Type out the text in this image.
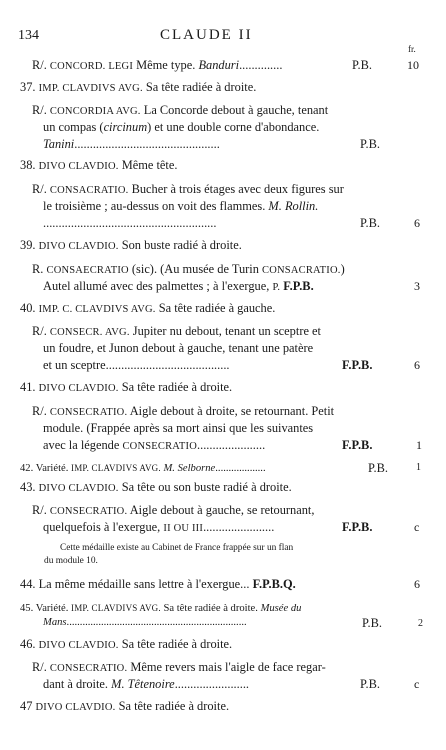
134	CLAUDE II
fr.
R/. CONCORD. LEGI Même type. Banduri..............	P.B.	10
37. IMP. CLAVDIVS AVG. Sa tête radiée à droite.
R/. CONCORDIA AVG. La Concorde debout à gauche, tenant
un compas (circinum) et une double corne d'abondance.
Tanini...............................................	P.B.
38. DIVO CLAVDIO. Même tête.
R/. CONSACRATIO. Bucher à trois étages avec deux figures sur
le troisième ; au-dessus on voit des flammes. M. Rollin.
........................................................	P.B.	6
39. DIVO CLAVDIO. Son buste radié à droite.
R. CONSAECRATIO (sic). (Au musée de Turin CONSACRATIO.)
Autel allumé avec des palmettes ; à l'exergue, P. F.P.B.	3
40. IMP. C. CLAVDIVS AVG. Sa tête radiée à gauche.
R/. CONSECR. AVG. Jupiter nu debout, tenant un sceptre et
un foudre, et Junon debout à gauche, tenant une patère
et un sceptre........................................	F.P.B.	6
41. DIVO CLAVDIO. Sa tête radiée à droite.
R/. CONSECRATIO. Aigle debout à droite, se retournant. Petit
module. (Frappée après sa mort ainsi que les suivantes
avec la légende CONSECRATIO......................	F.P.B.	1
42. Variété. IMP. CLAVDIVS AVG. M. Selborne...................	P.B.	1
43. DIVO CLAVDIO. Sa tête ou son buste radié à droite.
R/. CONSECRATIO. Aigle debout à gauche, se retournant,
quelquefois à l'exergue, II OU III.......................	F.P.B.	c
Cette médaille existe au Cabinet de France frappée sur un flan
du module 10.
44. La même médaille sans lettre à l'exergue... F.P.B.Q.	6
45. Variété. IMP. CLAVDIVS AVG. Sa tête radiée à droite. Musée du
Mans....................................................................	P.B.	2
46. DIVO CLAVDIO. Sa tête radiée à droite.
R/. CONSECRATIO. Même revers mais l'aigle de face regar-
dant à droite. M. Têtenoire........................	P.B.	c
47 DIVO CLAVDIO. Sa tête radiée à droite.
